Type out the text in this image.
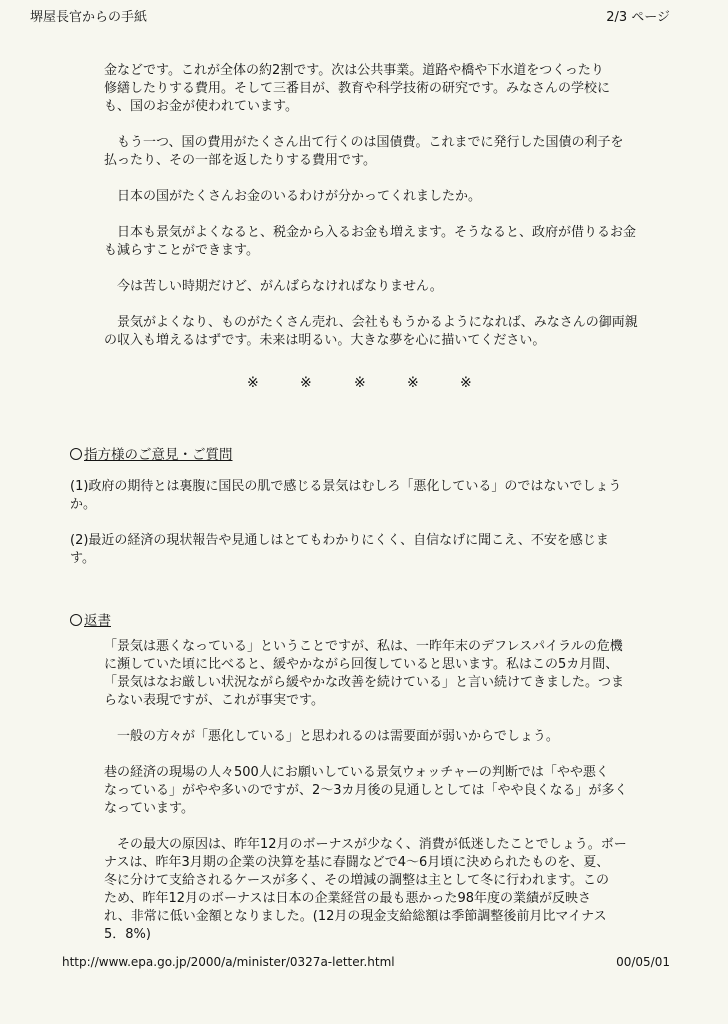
堺屋長官からの手紙	2/3 ページ

金などです。これが全体の約2割です。次は公共事業。道路や橋や下水道をつくったり
修繕したりする費用。そして三番目が、教育や科学技術の研究です。みなさんの学校に
も、国のお金が使われています。

　もう一つ、国の費用がたくさん出て行くのは国債費。これまでに発行した国債の利子を
払ったり、その一部を返したりする費用です。

　日本の国がたくさんお金のいるわけが分かってくれましたか。

　日本も景気がよくなると、税金から入るお金も増えます。そうなると、政府が借りるお金
も減らすことができます。

　今は苦しい時期だけど、がんばらなければなりません。

　景気がよくなり、ものがたくさん売れ、会社ももうかるようになれば、みなさんの御両親
の収入も増えるはずです。未来は明るい。大きな夢を心に描いてください。

※	※	※	※	※
指方様のご意見・ご質問

(1)政府の期待とは裏腹に国民の肌で感じる景気はむしろ「悪化している」のではないでしょう
か。

(2)最近の経済の現状報告や見通しはとてもわかりにくく、自信なげに聞こえ、不安を感じま
す。

返書

「景気は悪くなっている」ということですが、私は、一昨年末のデフレスパイラルの危機
に瀕していた頃に比べると、緩やかながら回復していると思います。私はこの5カ月間、
「景気はなお厳しい状況ながら緩やかな改善を続けている」と言い続けてきました。つま
らない表現ですが、これが事実です。

　一般の方々が「悪化している」と思われるのは需要面が弱いからでしょう。

巷の経済の現場の人々500人にお願いしている景気ウォッチャーの判断では「やや悪く
なっている」がやや多いのですが、2～3カ月後の見通しとしては「やや良くなる」が多く
なっています。

　その最大の原因は、昨年12月のボーナスが少なく、消費が低迷したことでしょう。ボー
ナスは、昨年3月期の企業の決算を基に春闘などで4～6月頃に決められたものを、夏、
冬に分けて支給されるケースが多く、その増減の調整は主として冬に行われます。この
ため、昨年12月のボーナスは日本の企業経営の最も悪かった98年度の業績が反映さ
れ、非常に低い金額となりました。(12月の現金支給総額は季節調整後前月比マイナス
5．8%)

http://www.epa.go.jp/2000/a/minister/0327a-letter.html	00/05/01
